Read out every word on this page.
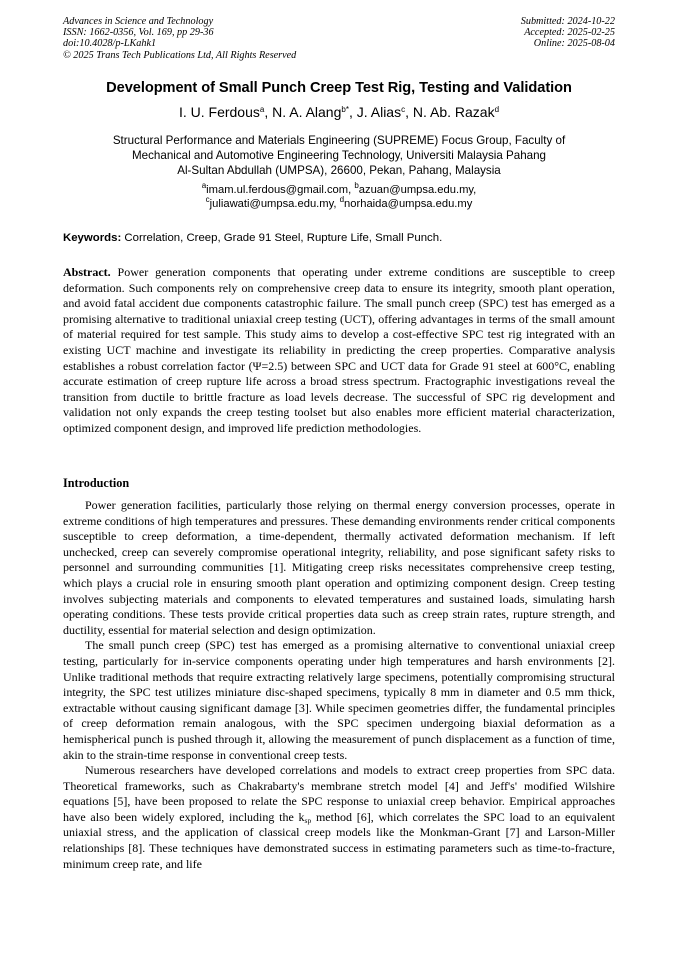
Advances in Science and Technology
ISSN: 1662-0356, Vol. 169, pp 29-36
doi:10.4028/p-LKahk1
© 2025 Trans Tech Publications Ltd, All Rights Reserved
Submitted: 2024-10-22
Accepted: 2025-02-25
Online: 2025-08-04
Development of Small Punch Creep Test Rig, Testing and Validation
I. U. Ferdous$^a$, N. A. Alang$^{b*}$, J. Alias$^c$, N. Ab. Razak$^d$
Structural Performance and Materials Engineering (SUPREME) Focus Group, Faculty of
Mechanical and Automotive Engineering Technology, Universiti Malaysia Pahang
Al-Sultan Abdullah (UMPSA), 26600, Pekan, Pahang, Malaysia
$^a$imam.ul.ferdous@gmail.com, $^b$azuan@umpsa.edu.my,
$^c$juliawati@umpsa.edu.my, $^d$norhaida@umpsa.edu.my
Keywords: Correlation, Creep, Grade 91 Steel, Rupture Life, Small Punch.
Abstract. Power generation components that operating under extreme conditions are susceptible to creep deformation. Such components rely on comprehensive creep data to ensure its integrity, smooth plant operation, and avoid fatal accident due components catastrophic failure. The small punch creep (SPC) test has emerged as a promising alternative to traditional uniaxial creep testing (UCT), offering advantages in terms of the small amount of material required for test sample. This study aims to develop a cost-effective SPC test rig integrated with an existing UCT machine and investigate its reliability in predicting the creep properties. Comparative analysis establishes a robust correlation factor (Ψ=2.5) between SPC and UCT data for Grade 91 steel at 600°C, enabling accurate estimation of creep rupture life across a broad stress spectrum. Fractographic investigations reveal the transition from ductile to brittle fracture as load levels decrease. The successful of SPC rig development and validation not only expands the creep testing toolset but also enables more efficient material characterization, optimized component design, and improved life prediction methodologies.
Introduction

Power generation facilities, particularly those relying on thermal energy conversion processes, operate in extreme conditions of high temperatures and pressures. These demanding environments render critical components susceptible to creep deformation, a time-dependent, thermally activated deformation mechanism. If left unchecked, creep can severely compromise operational integrity, reliability, and pose significant safety risks to personnel and surrounding communities [1]. Mitigating creep risks necessitates comprehensive creep testing, which plays a crucial role in ensuring smooth plant operation and optimizing component design. Creep testing involves subjecting materials and components to elevated temperatures and sustained loads, simulating harsh operating conditions. These tests provide critical properties data such as creep strain rates, rupture strength, and ductility, essential for material selection and design optimization.

The small punch creep (SPC) test has emerged as a promising alternative to conventional uniaxial creep testing, particularly for in-service components operating under high temperatures and harsh environments [2]. Unlike traditional methods that require extracting relatively large specimens, potentially compromising structural integrity, the SPC test utilizes miniature disc-shaped specimens, typically 8 mm in diameter and 0.5 mm thick, extractable without causing significant damage [3]. While specimen geometries differ, the fundamental principles of creep deformation remain analogous, with the SPC specimen undergoing biaxial deformation as a hemispherical punch is pushed through it, allowing the measurement of punch displacement as a function of time, akin to the strain-time response in conventional creep tests.

Numerous researchers have developed correlations and models to extract creep properties from SPC data. Theoretical frameworks, such as Chakrabarty's membrane stretch model [4] and Jeff's' modified Wilshire equations [5], have been proposed to relate the SPC response to uniaxial creep behavior. Empirical approaches have also been widely explored, including the $k_{sp}$ method [6], which correlates the SPC load to an equivalent uniaxial stress, and the application of classical creep models like the Monkman-Grant [7] and Larson-Miller relationships [8]. These techniques have demonstrated success in estimating parameters such as time-to-fracture, minimum creep rate, and life
